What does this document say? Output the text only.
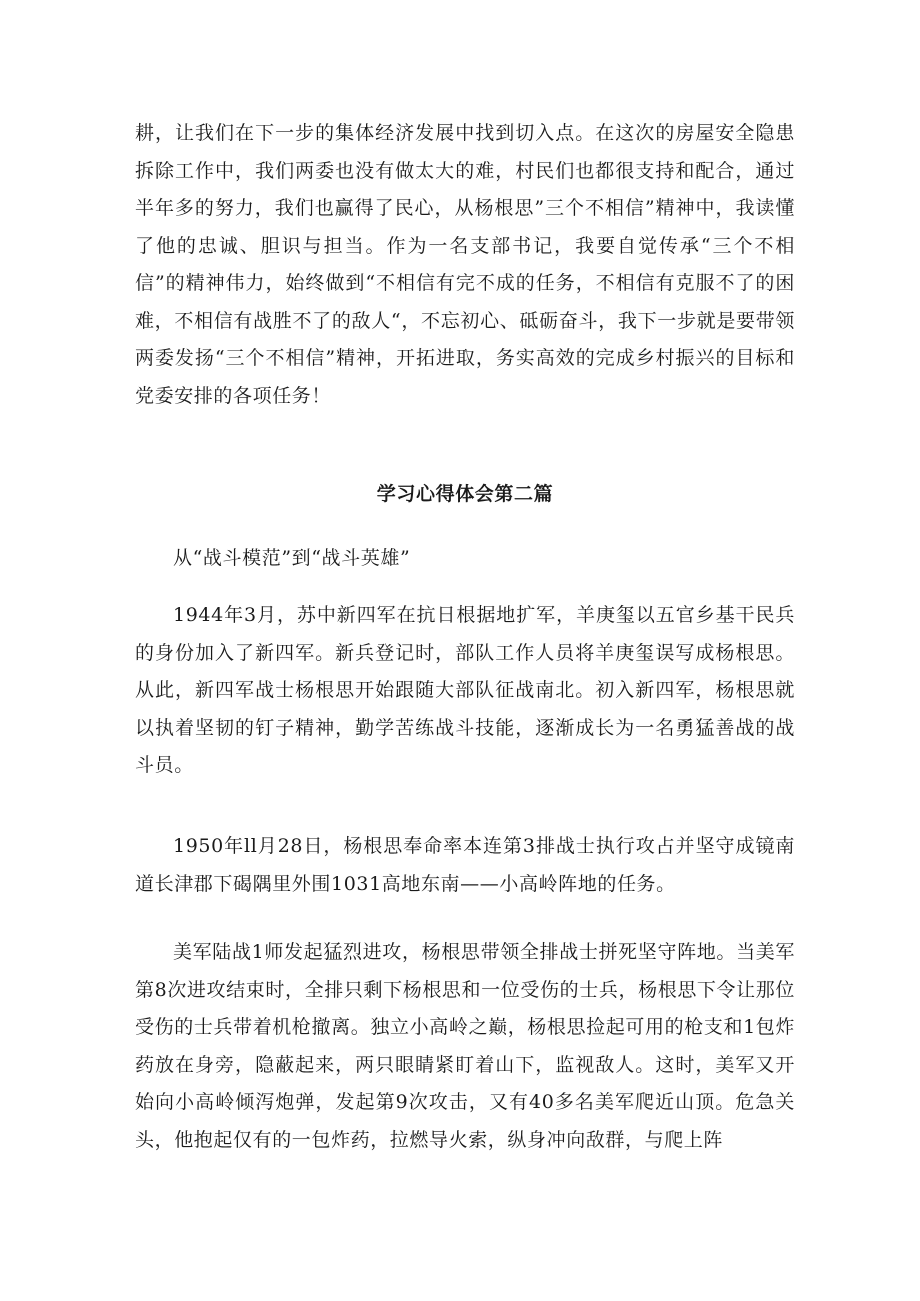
耕，让我们在下一步的集体经济发展中找到切入点。在这次的房屋安全隐患拆除工作中，我们两委也没有做太大的难，村民们也都很支持和配合，通过半年多的努力，我们也赢得了民心，从杨根思”三个不相信”精神中，我读懂了他的忠诚、胆识与担当。作为一名支部书记，我要自觉传承“三个不相信”的精神伟力，始终做到“不相信有完不成的任务，不相信有克服不了的困难，不相信有战胜不了的敌人“，不忘初心、砥砺奋斗，我下一步就是要带领两委发扬“三个不相信”精神，开拓进取，务实高效的完成乡村振兴的目标和党委安排的各项任务！

学习心得体会第二篇

从“战斗模范”到“战斗英雄”

1944年3月，苏中新四军在抗日根据地扩军，羊庚玺以五官乡基干民兵的身份加入了新四军。新兵登记时，部队工作人员将羊庚玺误写成杨根思。从此，新四军战士杨根思开始跟随大部队征战南北。初入新四军，杨根思就以执着坚韧的钉子精神，勤学苦练战斗技能，逐渐成长为一名勇猛善战的战斗员。

1950年ll月28日，杨根思奉命率本连第3排战士执行攻占并坚守成镜南道长津郡下碣隅里外围1031高地东南——小高岭阵地的任务。

美军陆战1师发起猛烈进攻，杨根思带领全排战士拼死坚守阵地。当美军第8次进攻结束时，全排只剩下杨根思和一位受伤的士兵，杨根思下令让那位受伤的士兵带着机枪撤离。独立小高岭之巅，杨根思捡起可用的枪支和1包炸药放在身旁，隐蔽起来，两只眼睛紧盯着山下，监视敌人。这时，美军又开始向小高岭倾泻炮弹，发起第9次攻击，又有40多名美军爬近山顶。危急关头，他抱起仅有的一包炸药，拉燃导火索，纵身冲向敌群，与爬上阵
